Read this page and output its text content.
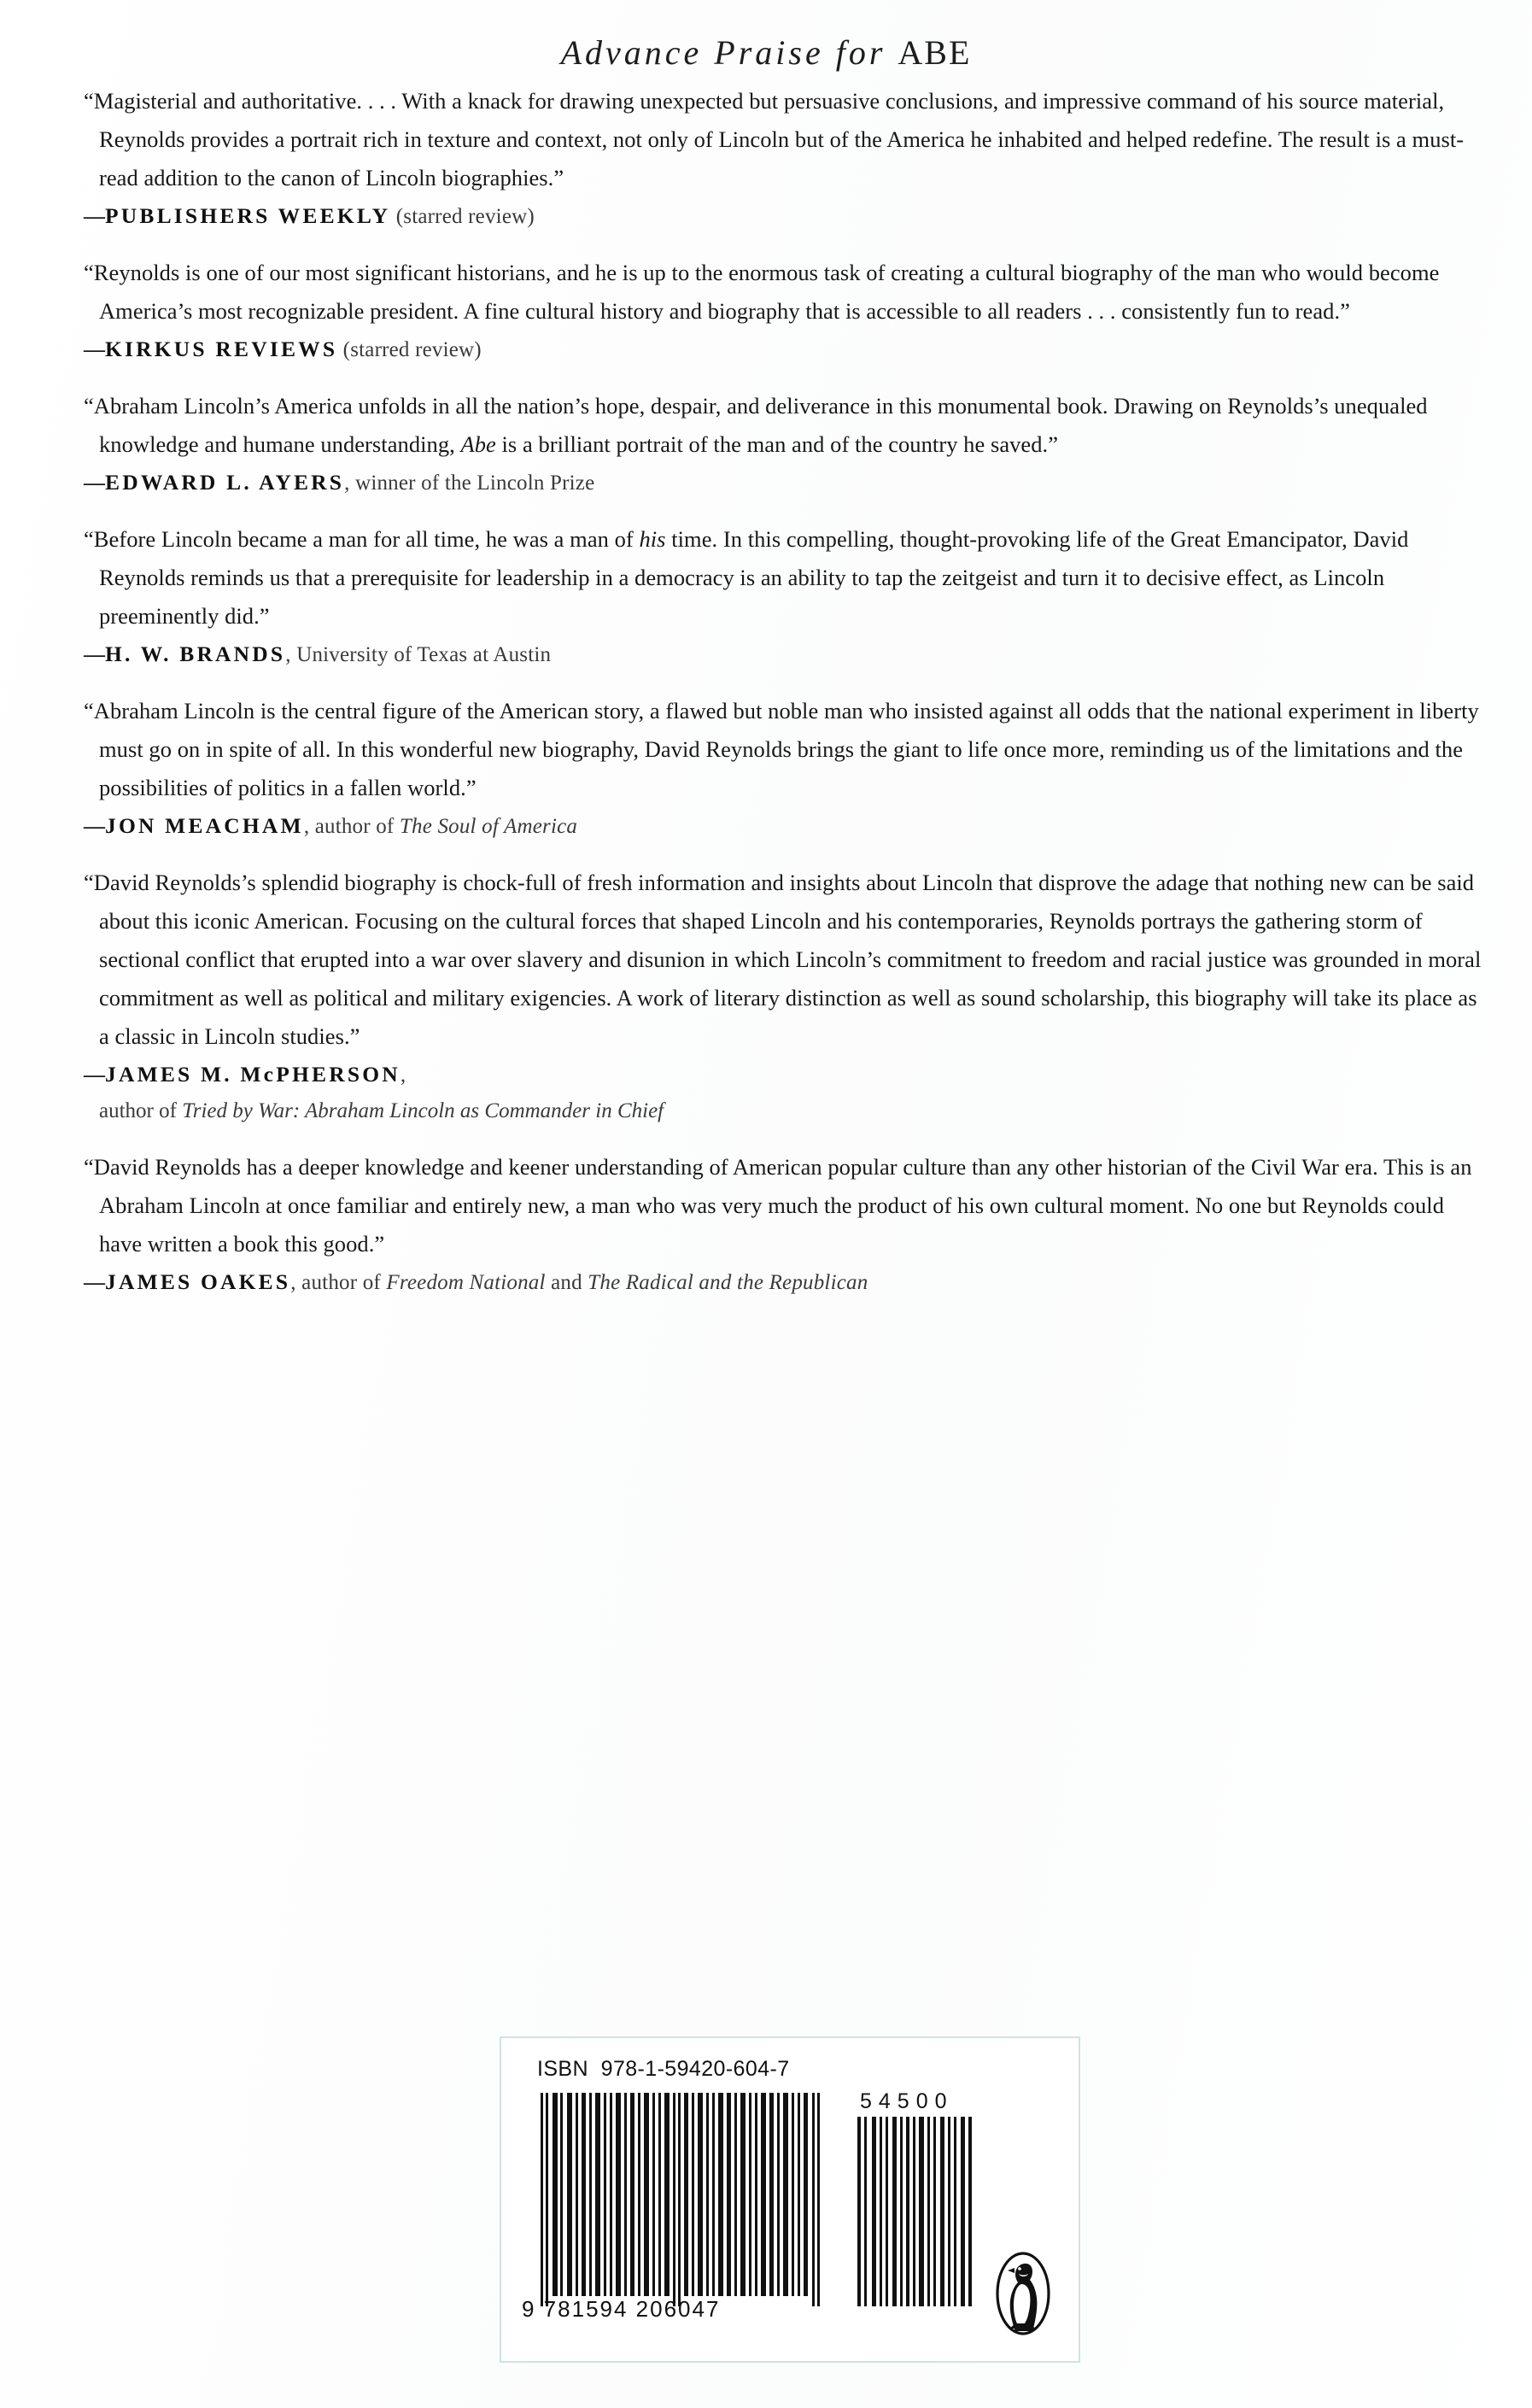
Advance Praise for ABE
“Magisterial and authoritative. . . . With a knack for drawing unexpected but persuasive conclusions, and impressive command of his source material, Reynolds provides a portrait rich in texture and context, not only of Lincoln but of the America he inhabited and helped redefine. The result is a must-read addition to the canon of Lincoln biographies.”
—PUBLISHERS WEEKLY (starred review)
“Reynolds is one of our most significant historians, and he is up to the enormous task of creating a cultural biography of the man who would become America’s most recognizable president. A fine cultural history and biography that is accessible to all readers . . . consistently fun to read.”
—KIRKUS REVIEWS (starred review)
“Abraham Lincoln’s America unfolds in all the nation’s hope, despair, and deliverance in this monumental book. Drawing on Reynolds’s unequaled knowledge and humane understanding, Abe is a brilliant portrait of the man and of the country he saved.”
—EDWARD L. AYERS, winner of the Lincoln Prize
“Before Lincoln became a man for all time, he was a man of his time. In this compelling, thought-provoking life of the Great Emancipator, David Reynolds reminds us that a prerequisite for leadership in a democracy is an ability to tap the zeitgeist and turn it to decisive effect, as Lincoln preeminently did.”
—H. W. BRANDS, University of Texas at Austin
“Abraham Lincoln is the central figure of the American story, a flawed but noble man who insisted against all odds that the national experiment in liberty must go on in spite of all. In this wonderful new biography, David Reynolds brings the giant to life once more, reminding us of the limitations and the possibilities of politics in a fallen world.”
—JON MEACHAM, author of The Soul of America
“David Reynolds’s splendid biography is chock-full of fresh information and insights about Lincoln that disprove the adage that nothing new can be said about this iconic American. Focusing on the cultural forces that shaped Lincoln and his contemporaries, Reynolds portrays the gathering storm of sectional conflict that erupted into a war over slavery and disunion in which Lincoln’s commitment to freedom and racial justice was grounded in moral commitment as well as political and military exigencies. A work of literary distinction as well as sound scholarship, this biography will take its place as a classic in Lincoln studies.”
—JAMES M. McPHERSON,
author of Tried by War: Abraham Lincoln as Commander in Chief
“David Reynolds has a deeper knowledge and keener understanding of American popular culture than any other historian of the Civil War era. This is an Abraham Lincoln at once familiar and entirely new, a man who was very much the product of his own cultural moment. No one but Reynolds could have written a book this good.”
—JAMES OAKES, author of Freedom National and The Radical and the Republican
ISBN  978-1-59420-604-7
9 781594 206047
54500
